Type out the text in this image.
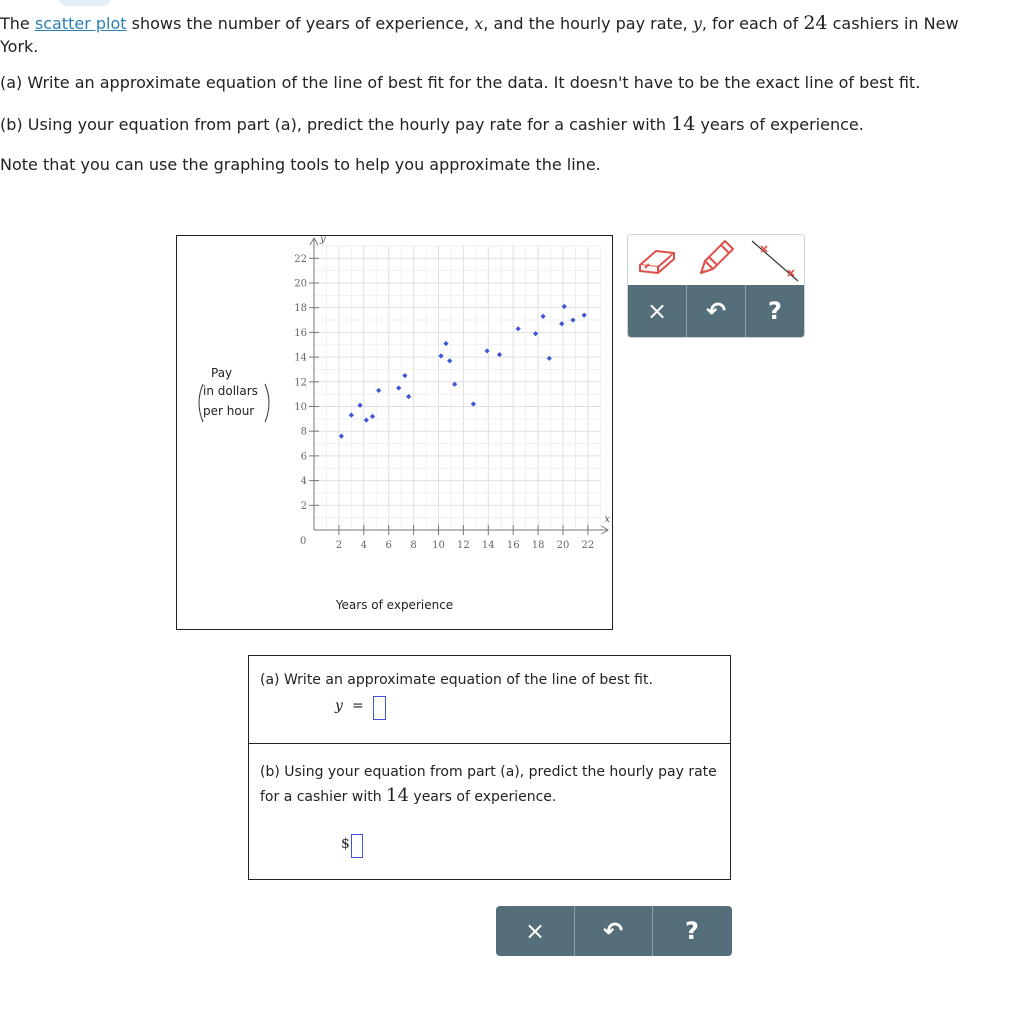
The scatter plot shows the number of years of experience, x, and the hourly pay rate, y, for each of 24 cashiers in New
York.
(a) Write an approximate equation of the line of best fit for the data. It doesn't have to be the exact line of best fit.
(b) Using your equation from part (a), predict the hourly pay rate for a cashier with 14 years of experience.
Note that you can use the graphing tools to help you approximate the line.
Pay
in dollars
per hour
y
x
0	2 4 6 8 10 12 14 16 18 20 22
2
4
6
8
10
12
14
16
18
20
22
Years of experience
×	↶	?
(a) Write an approximate equation of the line of best fit.
y =
(b) Using your equation from part (a), predict the hourly pay rate
for a cashier with 14 years of experience.
$
×	↶	?
